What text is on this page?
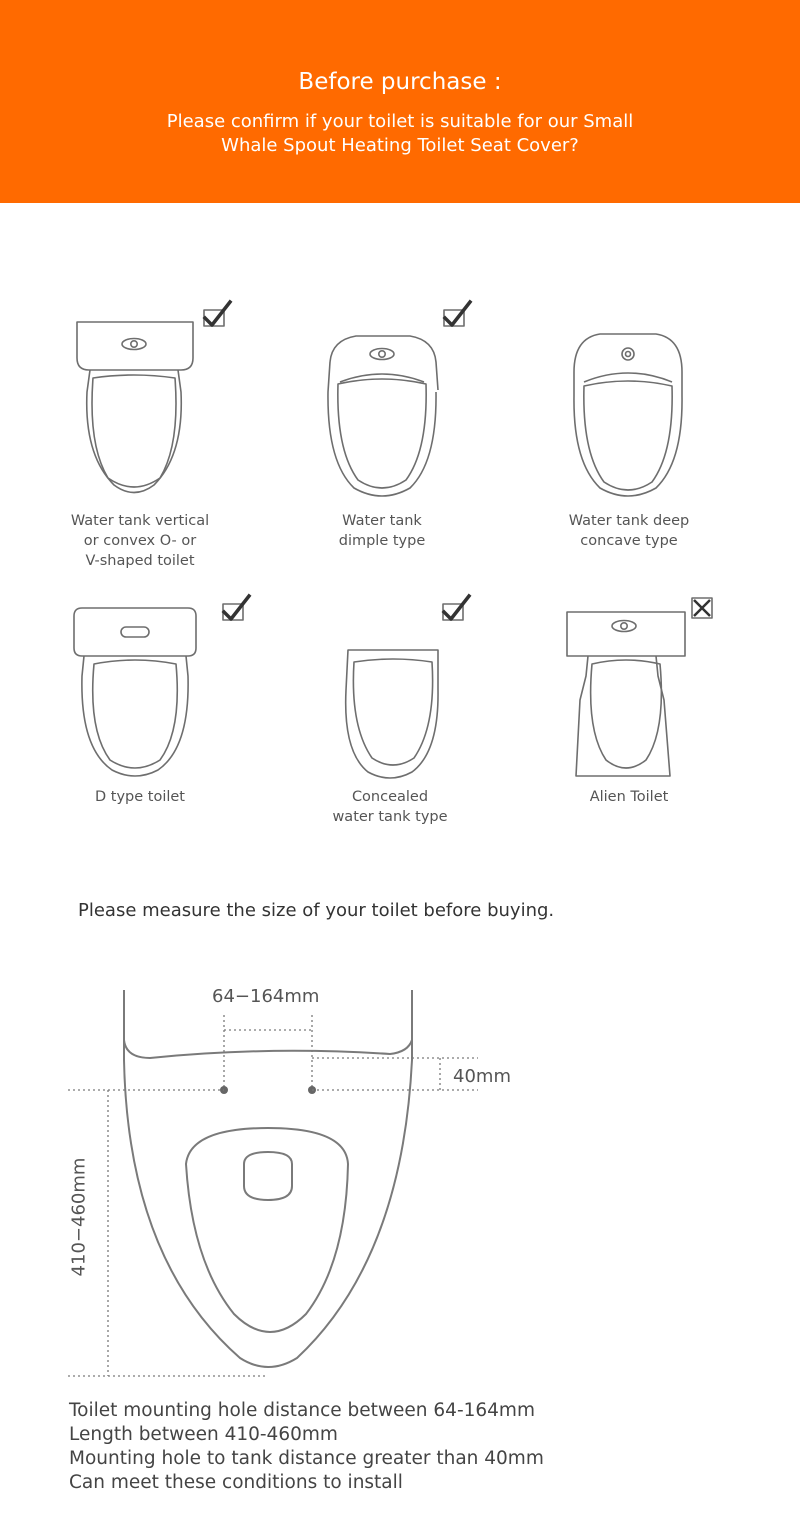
Before purchase :
Please confirm if your toilet is suitable for our Small
Whale Spout Heating Toilet Seat Cover?
Water tank vertical
or convex O- or
V-shaped toilet
Water tank
dimple type
Water tank deep
concave type
D type toilet	Concealed
water tank type
Alien Toilet
Please measure the size of your toilet before buying.
64−164mm
40mm
410−460mm
Toilet mounting hole distance between 64-164mm
Length between 410-460mm
Mounting hole to tank distance greater than 40mm
Can meet these conditions to install
